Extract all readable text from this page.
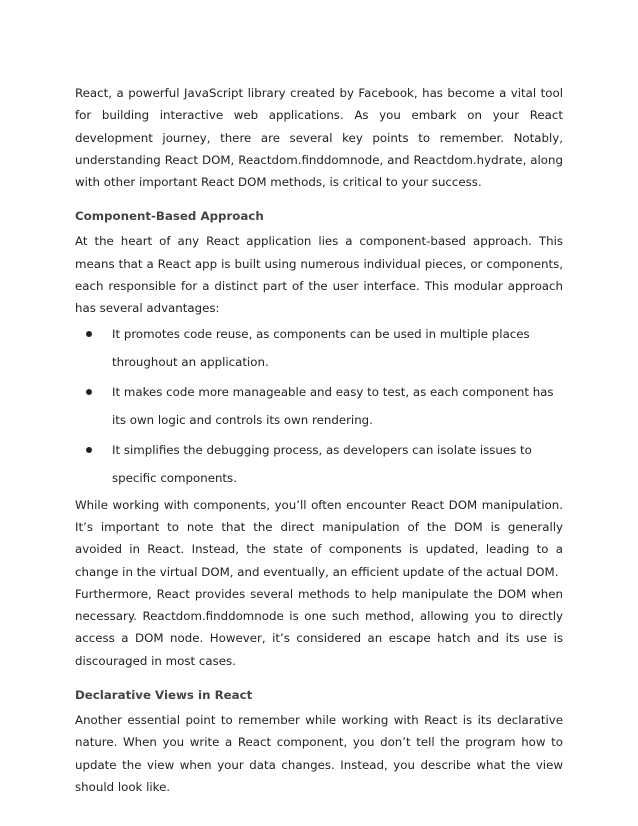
React, a powerful JavaScript library created by Facebook, has become a vital tool for building interactive web applications. As you embark on your React development journey, there are several key points to remember. Notably, understanding React DOM, Reactdom.finddomnode, and Reactdom.hydrate, along with other important React DOM methods, is critical to your success.

Component-Based Approach

At the heart of any React application lies a component-based approach. This means that a React app is built using numerous individual pieces, or components, each responsible for a distinct part of the user interface. This modular approach has several advantages:

It promotes code reuse, as components can be used in multiple places throughout an application.
It makes code more manageable and easy to test, as each component has its own logic and controls its own rendering.
It simplifies the debugging process, as developers can isolate issues to specific components.

While working with components, you’ll often encounter React DOM manipulation. It’s important to note that the direct manipulation of the DOM is generally avoided in React. Instead, the state of components is updated, leading to a change in the virtual DOM, and eventually, an efficient update of the actual DOM.

Furthermore, React provides several methods to help manipulate the DOM when necessary. Reactdom.finddomnode is one such method, allowing you to directly access a DOM node. However, it’s considered an escape hatch and its use is discouraged in most cases.

Declarative Views in React

Another essential point to remember while working with React is its declarative nature. When you write a React component, you don’t tell the program how to update the view when your data changes. Instead, you describe what the view should look like.
